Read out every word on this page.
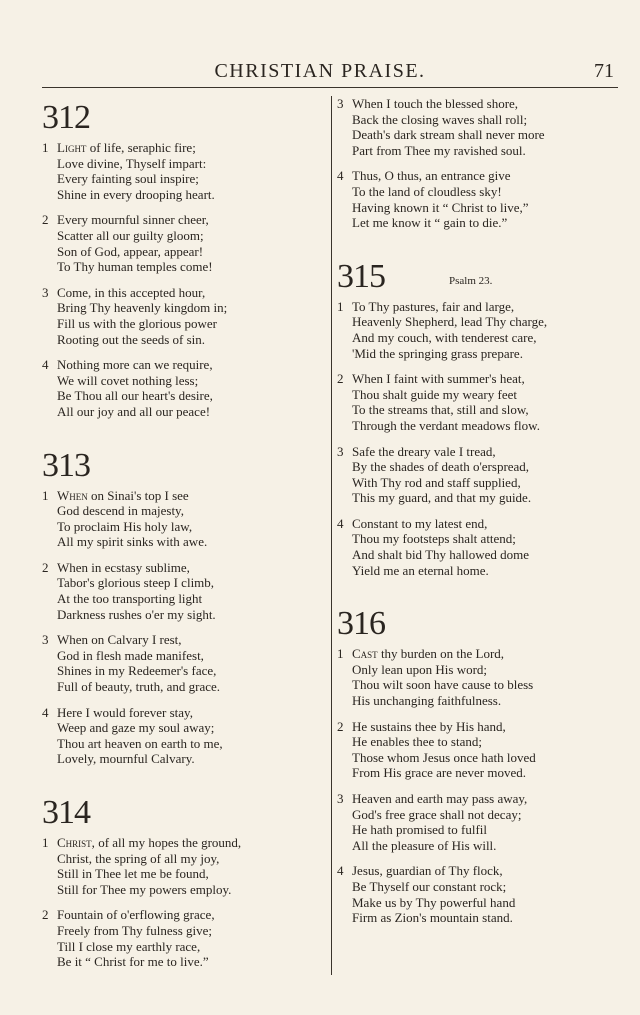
CHRISTIAN PRAISE.	71
312
1 Light of life, seraphic fire;
Love divine, Thyself impart:
Every fainting soul inspire;
Shine in every drooping heart.
2 Every mournful sinner cheer,
Scatter all our guilty gloom;
Son of God, appear, appear!
To Thy human temples come!
3 Come, in this accepted hour,
Bring Thy heavenly kingdom in;
Fill us with the glorious power
Rooting out the seeds of sin.
4 Nothing more can we require,
We will covet nothing less;
Be Thou all our heart's desire,
All our joy and all our peace!
313
1 When on Sinai's top I see
God descend in majesty,
To proclaim His holy law,
All my spirit sinks with awe.
2 When in ecstasy sublime,
Tabor's glorious steep I climb,
At the too transporting light
Darkness rushes o'er my sight.
3 When on Calvary I rest,
God in flesh made manifest,
Shines in my Redeemer's face,
Full of beauty, truth, and grace.
4 Here I would forever stay,
Weep and gaze my soul away;
Thou art heaven on earth to me,
Lovely, mournful Calvary.
314
1 Christ, of all my hopes the ground,
Christ, the spring of all my joy,
Still in Thee let me be found,
Still for Thee my powers employ.
2 Fountain of o'erflowing grace,
Freely from Thy fulness give;
Till I close my earthly race,
Be it “ Christ for me to live.”
3 When I touch the blessed shore,
Back the closing waves shall roll;
Death's dark stream shall never more
Part from Thee my ravished soul.
4 Thus, O thus, an entrance give
To the land of cloudless sky!
Having known it “ Christ to live,”
Let me know it “ gain to die.”
315	Psalm 23.
1 To Thy pastures, fair and large,
Heavenly Shepherd, lead Thy charge,
And my couch, with tenderest care,
'Mid the springing grass prepare.
2 When I faint with summer's heat,
Thou shalt guide my weary feet
To the streams that, still and slow,
Through the verdant meadows flow.
3 Safe the dreary vale I tread,
By the shades of death o'erspread,
With Thy rod and staff supplied,
This my guard, and that my guide.
4 Constant to my latest end,
Thou my footsteps shalt attend;
And shalt bid Thy hallowed dome
Yield me an eternal home.
316
1 Cast thy burden on the Lord,
Only lean upon His word;
Thou wilt soon have cause to bless
His unchanging faithfulness.
2 He sustains thee by His hand,
He enables thee to stand;
Those whom Jesus once hath loved
From His grace are never moved.
3 Heaven and earth may pass away,
God's free grace shall not decay;
He hath promised to fulfil
All the pleasure of His will.
4 Jesus, guardian of Thy flock,
Be Thyself our constant rock;
Make us by Thy powerful hand
Firm as Zion's mountain stand.
